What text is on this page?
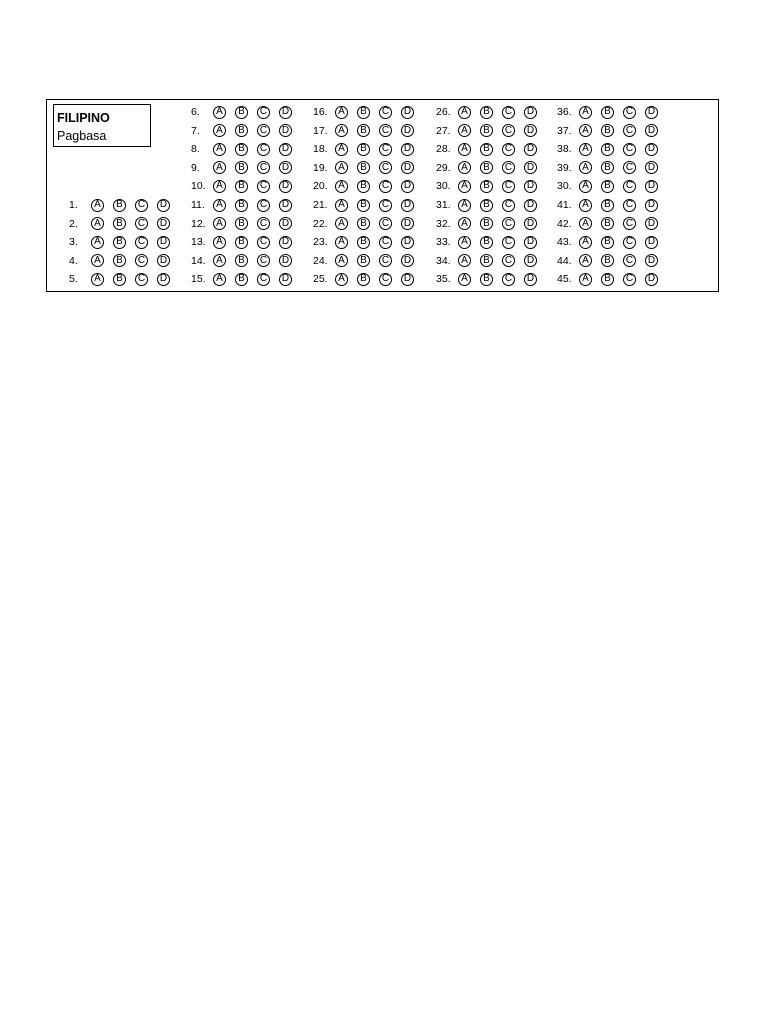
FILIPINO
Pagbasa
1.	A	B	C D
2.	A	B	C D
3.	A	B	C D
4.	A	B	C D
5.	A	B	C D
6.	A	B	C D
7.	A	B	C D
8.	A	B	C D
9.	A	B	C D
10.	A	B	C D
11.	A	B	C D
12.	A	B	C D
13.	A	B	C D
14.	A	B	C D
15.	A	B	C D
16.	A	B	C D
17.	A	B	C D
18.	A	B	C D
19.	A	B	C D
20.	A	B	C D
21.	A	B	C D
22.	A	B	C D
23.	A	B	C D
24.	A	B	C D
25.	A	B	C D
26.	A	B	C D
27.	A	B	C D
28.	A	B	C D
29.	A	B	C D
30.	A	B	C D
31.	A	B	C D
32.	A	B	C D
33.	A	B	C D
34.	A	B	C D
35.	A	B	C D
36.	A	B	C D
37.	A	B	C D
38.	A	B	C D
39.	A	B	C D
30.	A	B	C D
41.	A	B	C D
42.	A	B	C D
43.	A	B	C D
44.	A	B	C D
45.	A	B	C D
